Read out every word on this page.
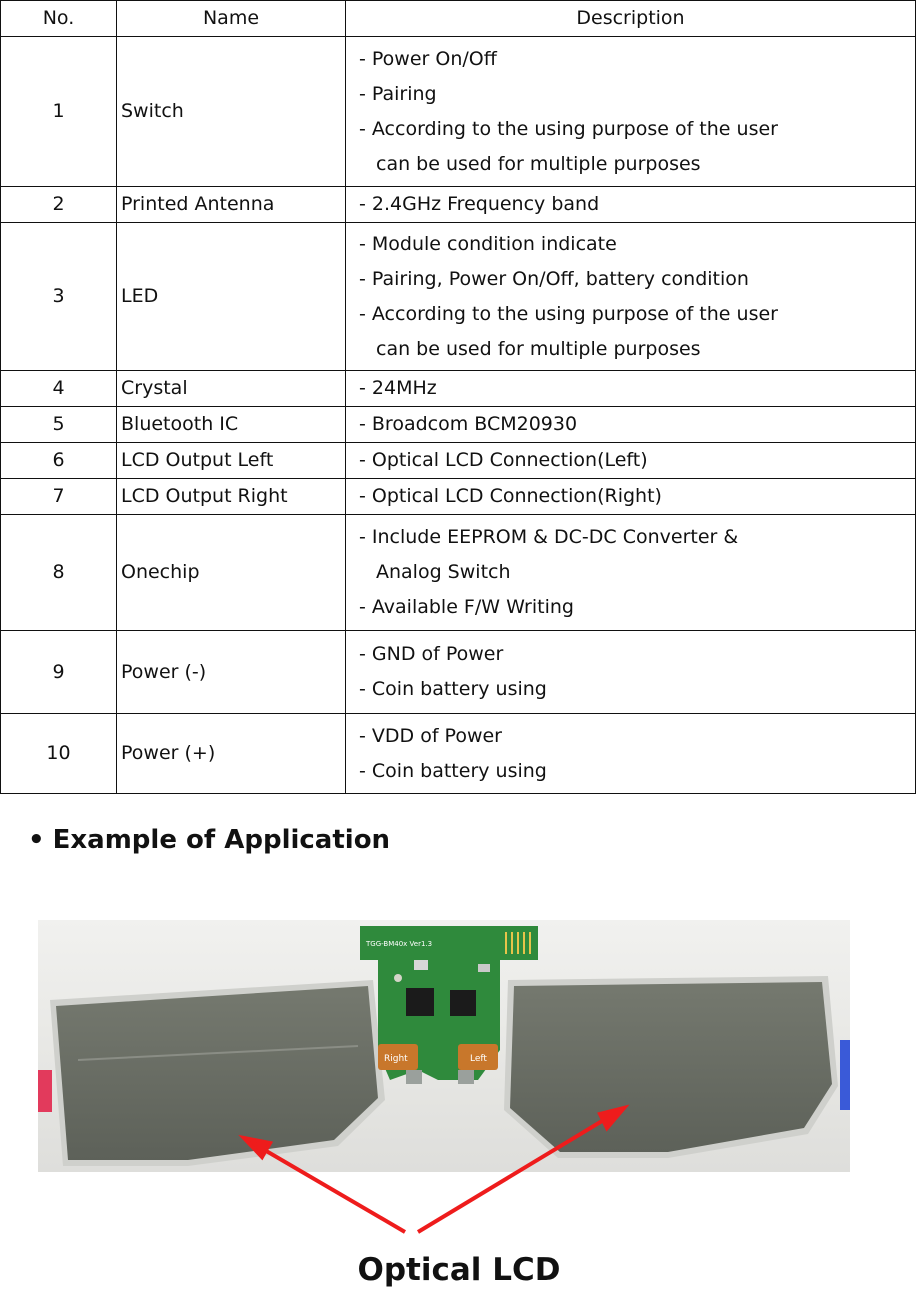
No.	Name	Description
1	Switch	- Power On/Off
- Pairing
- According to the using purpose of the user
can be used for multiple purposes

2	Printed Antenna	- 2.4GHz Frequency band

3	LED	- Module condition indicate
- Pairing, Power On/Off, battery condition
- According to the using purpose of the user
can be used for multiple purposes

4	Crystal	- 24MHz

5	Bluetooth IC	- Broadcom BCM20930

6	LCD Output Left	- Optical LCD Connection(Left)

7	LCD Output Right	- Optical LCD Connection(Right)

8	Onechip	- Include EEPROM & DC-DC Converter &
Analog Switch
- Available F/W Writing

9	Power (-)	- GND of Power
- Coin battery using

10	Power (+)	- VDD of Power
- Coin battery using
• Example of Application
Right	Left
TGG-BM40x Ver1.3
Optical LCD
